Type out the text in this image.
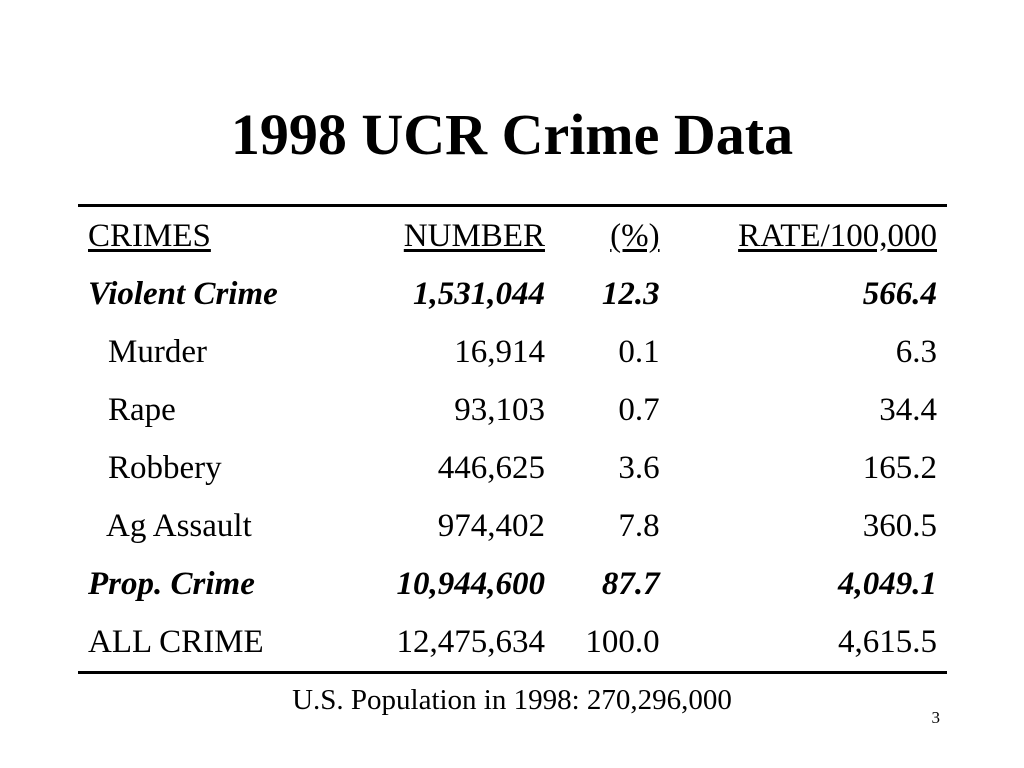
1998 UCR Crime Data
CRIMES	NUMBER	(%)	RATE/100,000
Violent Crime	1,531,044	12.3	566.4
Murder	16,914	0.1	6.3
Rape	93,103	0.7	34.4
Robbery	446,625	3.6	165.2
Ag Assault	974,402	7.8	360.5
Prop. Crime	10,944,600	87.7	4,049.1
ALL CRIME	12,475,634	100.0	4,615.5
U.S. Population in 1998: 270,296,000
3
